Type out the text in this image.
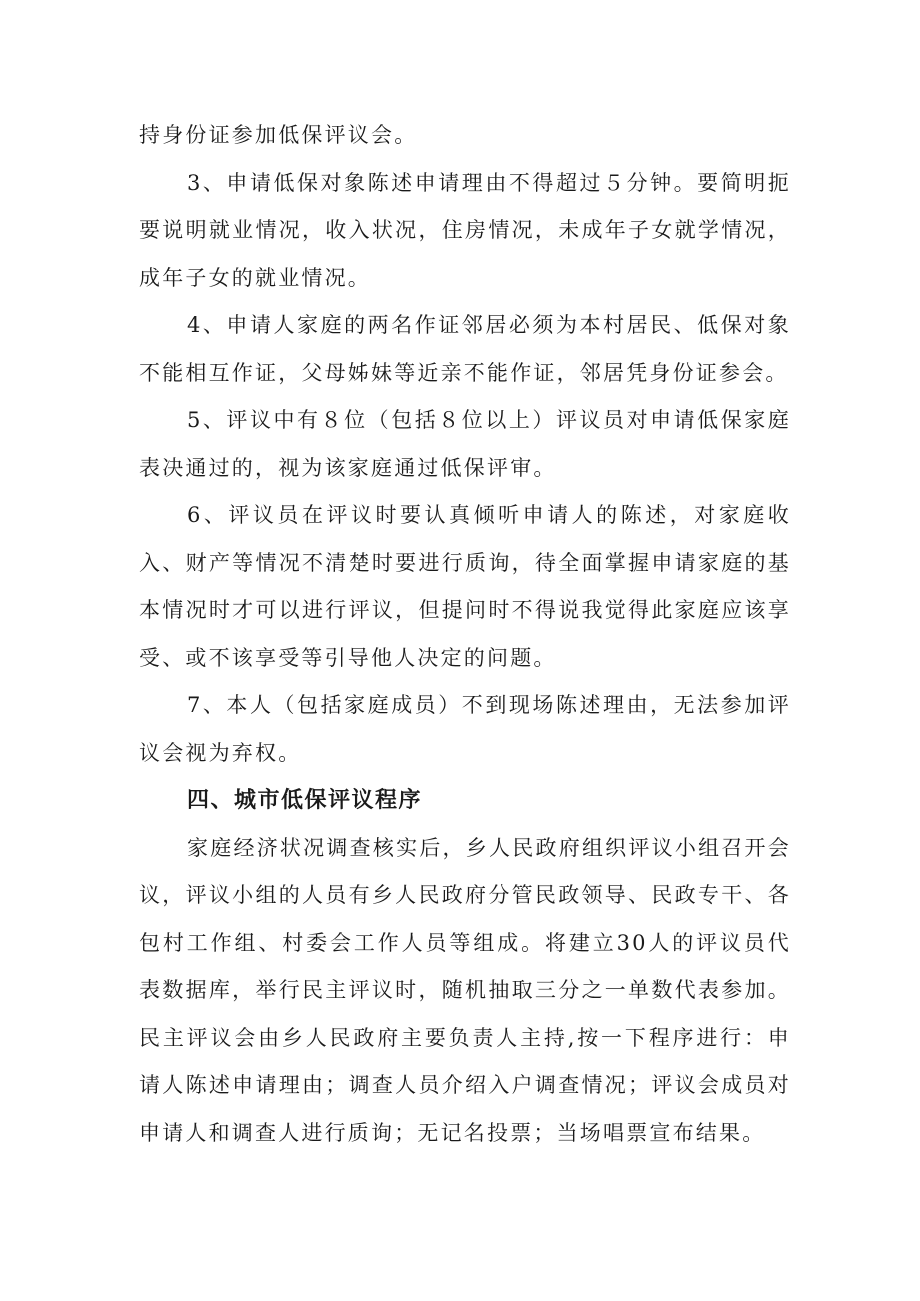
持身份证参加低保评议会。

3、申请低保对象陈述申请理由不得超过５分钟。要简明扼要说明就业情况，收入状况，住房情况，未成年子女就学情况，成年子女的就业情况。

4、申请人家庭的两名作证邻居必须为本村居民、低保对象不能相互作证，父母姊妹等近亲不能作证，邻居凭身份证参会。

5、评议中有８位（包括８位以上）评议员对申请低保家庭表决通过的，视为该家庭通过低保评审。

6、评议员在评议时要认真倾听申请人的陈述，对家庭收入、财产等情况不清楚时要进行质询，待全面掌握申请家庭的基本情况时才可以进行评议，但提问时不得说我觉得此家庭应该享受、或不该享受等引导他人决定的问题。

7、本人（包括家庭成员）不到现场陈述理由，无法参加评议会视为弃权。

四、城市低保评议程序

家庭经济状况调查核实后，乡人民政府组织评议小组召开会议，评议小组的人员有乡人民政府分管民政领导、民政专干、各包村工作组、村委会工作人员等组成。将建立30人的评议员代表数据库，举行民主评议时，随机抽取三分之一单数代表参加。民主评议会由乡人民政府主要负责人主持,按一下程序进行：申请人陈述申请理由；调查人员介绍入户调查情况；评议会成员对申请人和调查人进行质询；无记名投票；当场唱票宣布结果。
